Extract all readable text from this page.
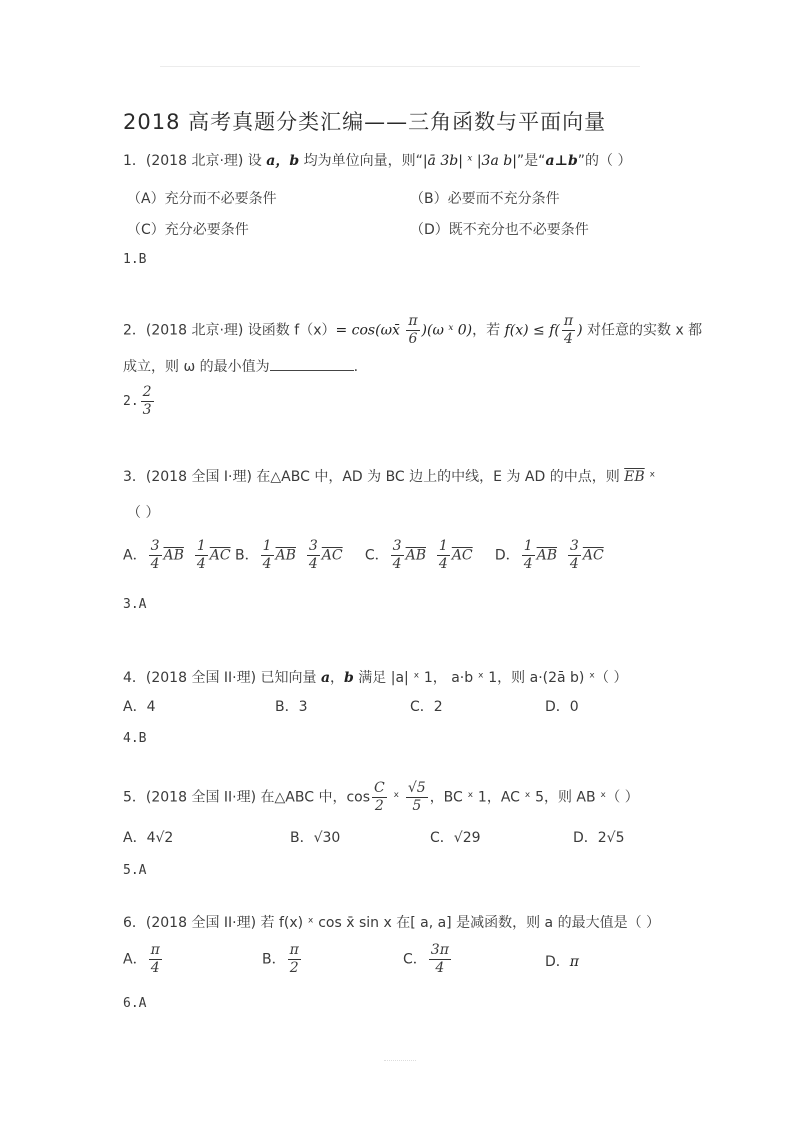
2018 高考真题分类汇编——三角函数与平面向量
1．(2018 北京·理) 设 a，b 均为单位向量，则“|ā 3b| ˣ |3a b|”是“a⊥b”的（ ）
（A）充分而不必要条件	（B）必要而不充分条件
（C）充分必要条件	（D）既不充分也不必要条件
1.B
2．(2018 北京·理) 设函数 f（x）= cos(ωx̄ $\frac{\pi}{6} )(\omega$ ˣ 0)，若 $f(x) \le f( \frac{\pi}{4}$ ) 对任意的实数 x 都
成立，则 ω 的最小值为	.
2. $\frac{2}{3}$
3．(2018 全国 I·理) 在△ABC 中，AD 为 BC 边上的中线，E 为 AD 的中点，则 $\overline{EB}$ ˣ
（ ）
A． $\frac{3}{4} \overline{AB} \frac{1}{4} \overline{AC}$ B． $\frac{1}{4} \overline{AB} \frac{3}{4} \overline{AC}$ C． $\frac{3}{4} \overline{AB} \frac{1}{4} \overline{AC}$ D． $\frac{1}{4} \overline{AB} \frac{3}{4} \overline{AC}$
3.A
4．(2018 全国 II·理) 已知向量 a，b 满足 |a| ˣ 1， a·b ˣ 1，则 a·(2ā b) ˣ（ ）
A．4	B．3	C．2	D．0
4.B
5．(2018 全国 II·理) 在△ABC 中，$\cos \frac{C}{2}$ ˣ $\frac{√5}{5}$ ，BC ˣ 1，AC ˣ 5，则 AB ˣ（ ）
A．4√2	B．√30	C．√29	D．2√5
5.A
6．(2018 全国 II·理) 若 f(x) ˣ cos x̄ sin x 在[ a, a] 是减函数，则 a 的最大值是（ ）
A． $\frac{\pi}{4}$	B． $\frac{\pi}{2}$	C． $\frac{3\pi}{4}$	D．π
6.A
